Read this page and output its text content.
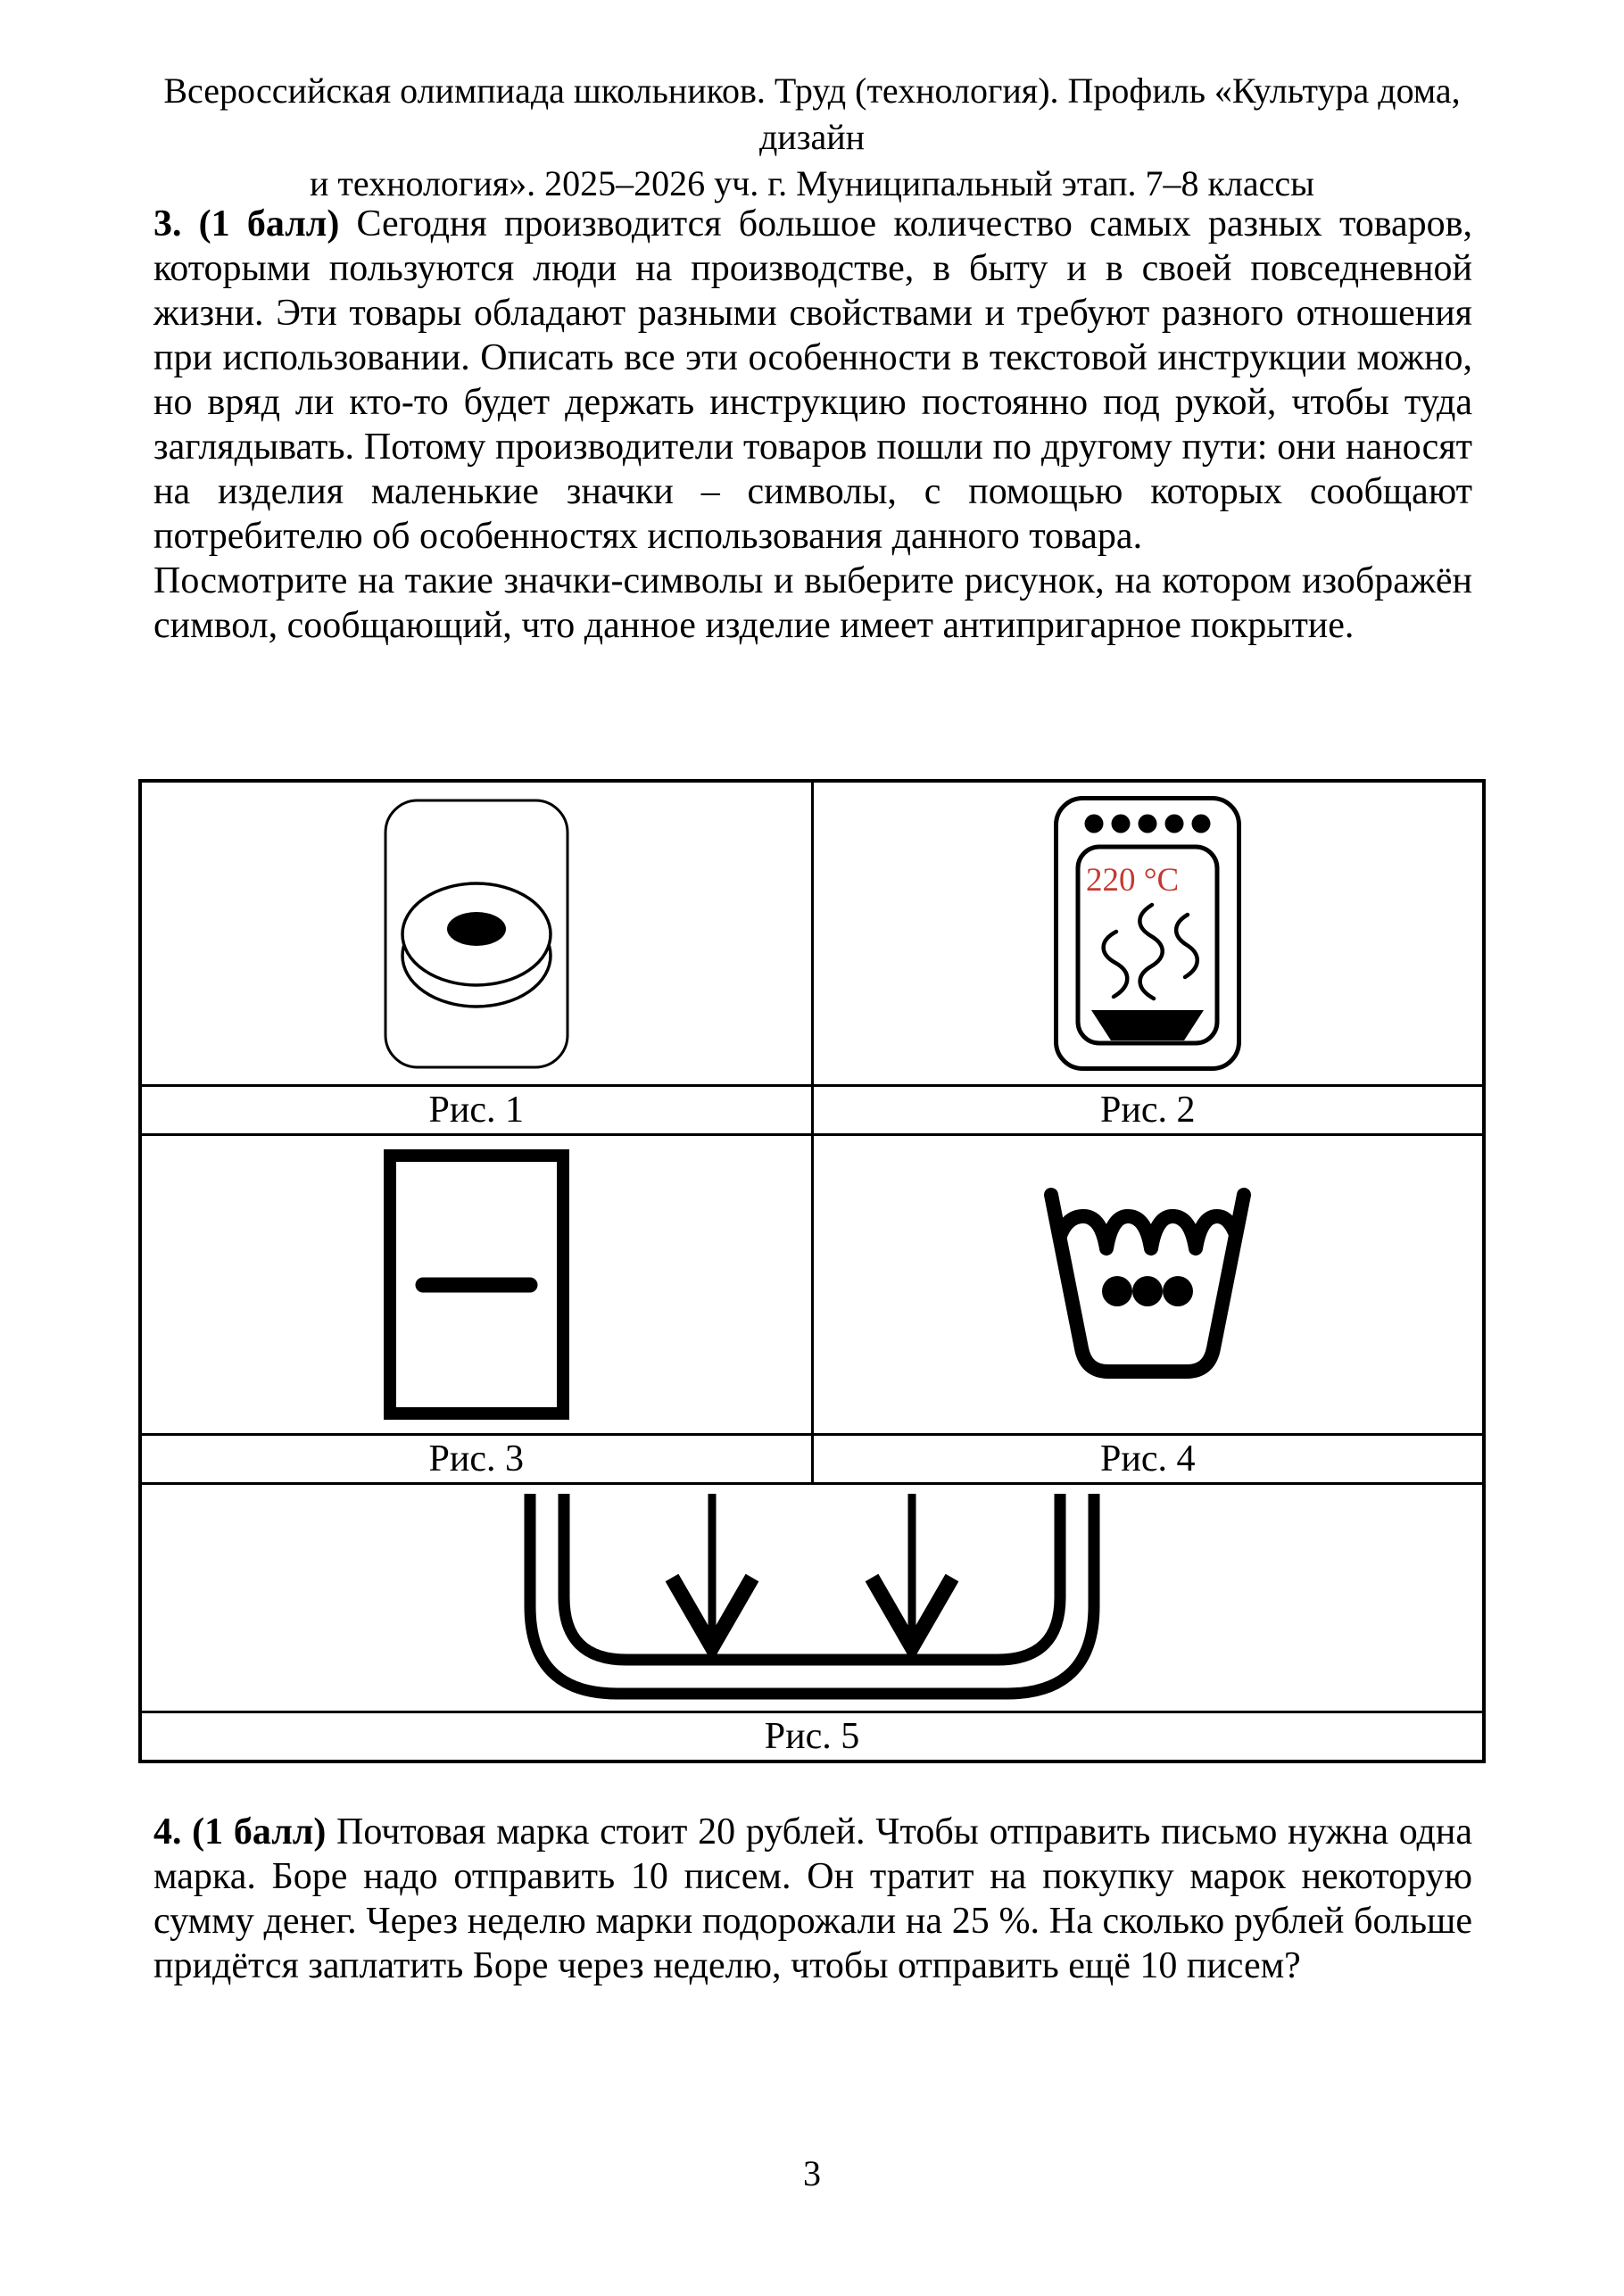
Всероссийская олимпиада школьников. Труд (технология). Профиль «Культура дома, дизайн
и технология». 2025–2026 уч. г. Муниципальный этап. 7–8 классы

3. (1 балл) Сегодня производится большое количество самых разных товаров, которыми пользуются люди на производстве, в быту и в своей повседневной жизни. Эти товары обладают разными свойствами и требуют разного отношения при использовании. Описать все эти особенности в текстовой инструкции можно, но вряд ли кто-то будет держать инструкцию постоянно под рукой, чтобы туда заглядывать. Потому производители товаров пошли по другому пути: они наносят на изделия маленькие значки – символы, с помощью которых сообщают потребителю об особенностях использования данного товара.

Посмотрите на такие значки-символы и выберите рисунок, на котором изображён символ, сообщающий, что данное изделие имеет антипригарное покрытие.

220 °C

Рис. 1	Рис. 2

Рис. 3	Рис. 4

Рис. 5	

4. (1 балл) Почтовая марка стоит 20 рублей. Чтобы отправить письмо нужна одна марка. Боре надо отправить 10 писем. Он тратит на покупку марок некоторую сумму денег. Через неделю марки подорожали на 25 %. На сколько рублей больше придётся заплатить Боре через неделю, чтобы отправить ещё 10 писем?

3
